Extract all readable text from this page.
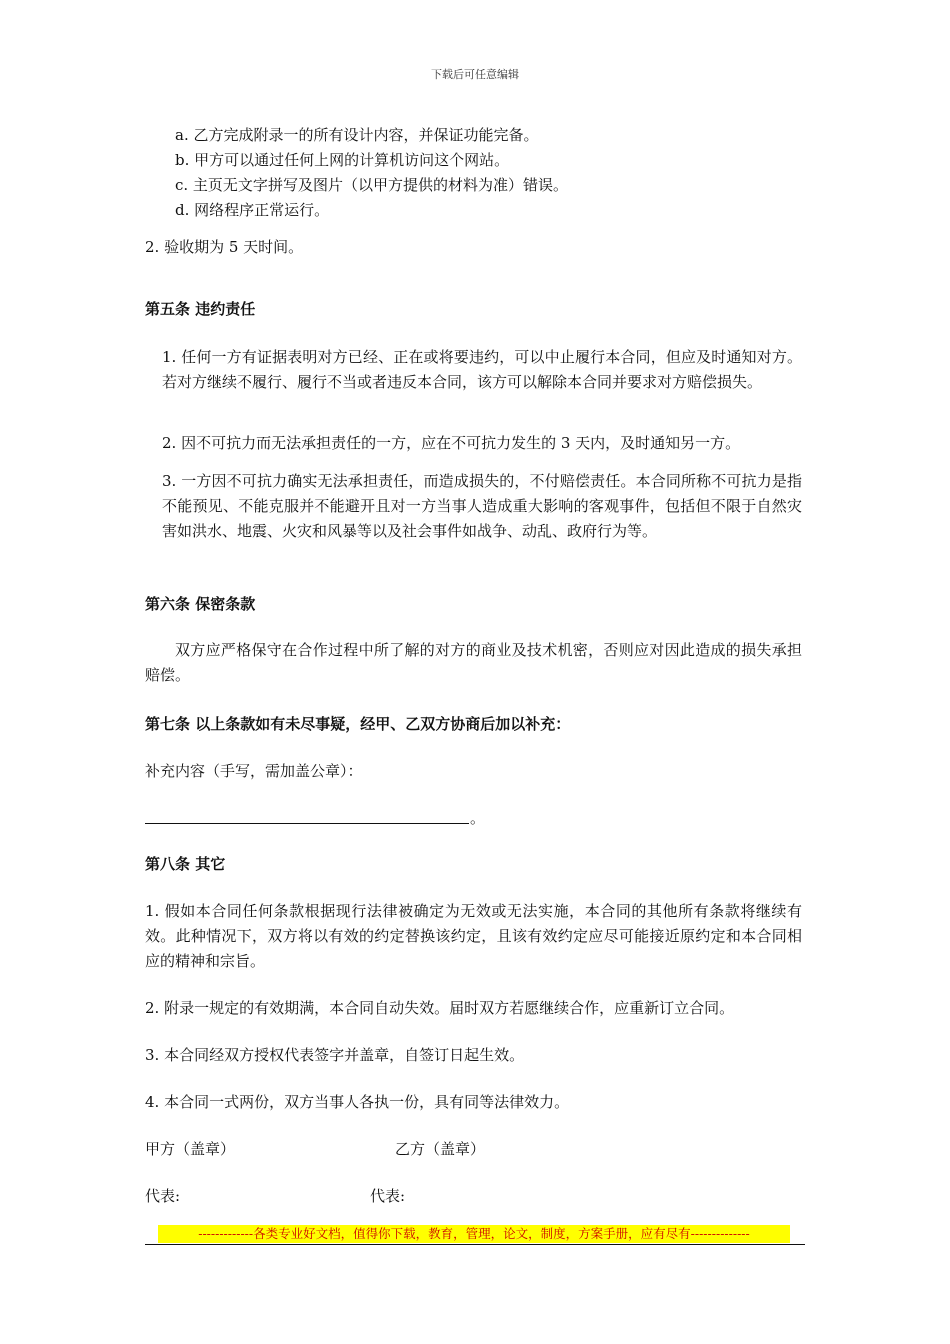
下载后可任意编辑
a. 乙方完成附录一的所有设计内容，并保证功能完备。
b. 甲方可以通过任何上网的计算机访问这个网站。
c. 主页无文字拼写及图片（以甲方提供的材料为准）错误。
d. 网络程序正常运行。
2. 验收期为 5 天时间。
第五条 违约责任

1. 任何一方有证据表明对方已经、正在或将要违约，可以中止履行本合同，但应及时通知对方。若对方继续不履行、履行不当或者违反本合同，该方可以解除本合同并要求对方赔偿损失。

2. 因不可抗力而无法承担责任的一方，应在不可抗力发生的 3 天内，及时通知另一方。

3. 一方因不可抗力确实无法承担责任，而造成损失的，不付赔偿责任。本合同所称不可抗力是指不能预见、不能克服并不能避开且对一方当事人造成重大影响的客观事件，包括但不限于自然灾害如洪水、地震、火灾和风暴等以及社会事件如战争、动乱、政府行为等。

第六条 保密条款

双方应严格保守在合作过程中所了解的对方的商业及技术机密，否则应对因此造成的损失承担赔偿。

第七条 以上条款如有未尽事疑，经甲、乙双方协商后加以补充：
补充内容（手写，需加盖公章）：
。
第八条 其它

1. 假如本合同任何条款根据现行法律被确定为无效或无法实施，本合同的其他所有条款将继续有效。此种情况下，双方将以有效的约定替换该约定，且该有效约定应尽可能接近原约定和本合同相应的精神和宗旨。

2. 附录一规定的有效期满，本合同自动失效。届时双方若愿继续合作，应重新订立合同。

3. 本合同经双方授权代表签字并盖章，自签订日起生效。

4. 本合同一式两份，双方当事人各执一份，具有同等法律效力。

甲方（盖章）	乙方（盖章）
代表:	代表:
-------------各类专业好文档，值得你下载，教育，管理，论文，制度，方案手册，应有尽有--------------
